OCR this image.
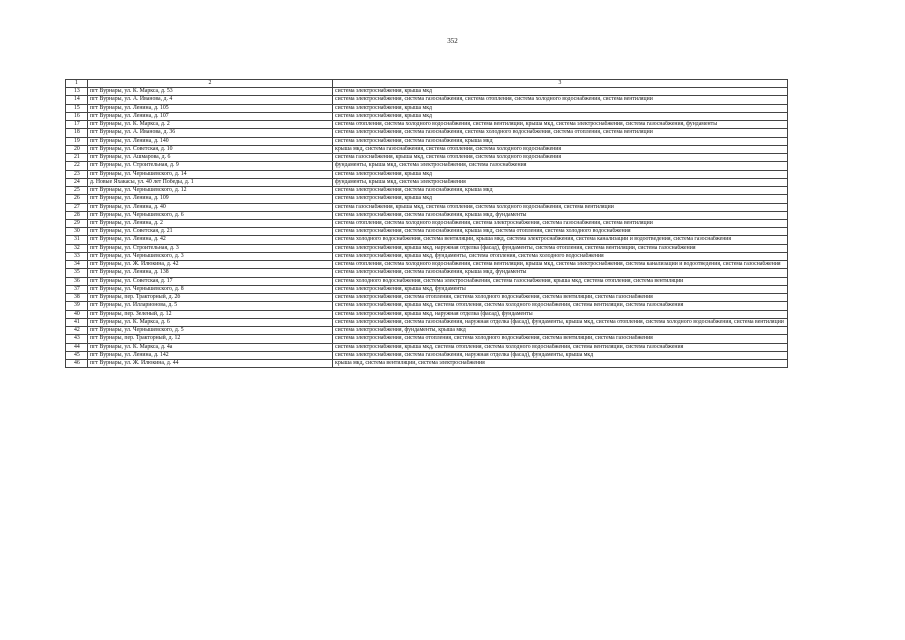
352
1	2	3
13	пгт Вурнары, ул. К. Маркса, д. 53	система электроснабжения, крыша мкд
14	пгт Вурнары, ул. А. Иванова, д. 4	система электроснабжения, система газоснабжения, система отопления, система холодного водоснабжения, система вентиляции
15	пгт Вурнары, ул. Ленина, д. 105	система электроснабжения, крыша мкд
16	пгт Вурнары, ул. Ленина, д. 107	система электроснабжения, крыша мкд
17	пгт Вурнары, ул. К. Маркса, д. 2	система отопления, система холодного водоснабжения, система вентиляции, крыша мкд, система электроснабжения, система газоснабжения, фундаменты
18	пгт Вурнары, ул. А. Иванова, д. 36	система электроснабжения, система газоснабжения, система холодного водоснабжения, система отопления, система вентиляции
19	пгт Вурнары, ул. Ленина, д. 140	система электроснабжения, система газоснабжения, крыша мкд
20	пгт Вурнары, ул. Советская, д. 10	крыша мкд, система газоснабжения, система отопления, система холодного водоснабжения
21	пгт Вурнары, ул. Ашмарова, д. 6	система газоснабжения, крыша мкд, система отопления, система холодного водоснабжения
22	пгт Вурнары, ул. Строительная, д. 9	фундаменты, крыша мкд, система электроснабжения, система газоснабжения
23	пгт Вурнары, ул. Чернышевского, д. 14	система электроснабжения, крыша мкд
24	д. Новые Яхакасы, ул. 40 лет Победы, д. 1	фундаменты, крыша мкд, система электроснабжения
25	пгт Вурнары, ул. Чернышевского, д. 12	система электроснабжения, система газоснабжения, крыша мкд
26	пгт Вурнары, ул. Ленина, д. 109	система электроснабжения, крыша мкд
27	пгт Вурнары, ул. Ленина, д. 40	система газоснабжения, крыша мкд, система отопления, система холодного водоснабжения, система вентиляции
28	пгт Вурнары, ул. Чернышевского, д. 6	система электроснабжения, система газоснабжения, крыша мкд, фундаменты
29	пгт Вурнары, ул. Ленина, д. 2	система отопления, система холодного водоснабжения, система электроснабжения, система газоснабжения, система вентиляции
30	пгт Вурнары, ул. Советская, д. 21	система электроснабжения, система газоснабжения, крыша мкд, система отопления, система холодного водоснабжения
31	пгт Вурнары, ул. Ленина, д. 42	система холодного водоснабжения, система вентиляции, крыша мкд, система электроснабжения, система канализации и водоотведения, система газоснабжения
32	пгт Вурнары, ул. Строительная, д. 3	система электроснабжения, крыша мкд, наружная отделка (фасад), фундаменты, система отопления, система вентиляции, система газоснабжения
33	пгт Вурнары, ул. Чернышевского, д. 3	система электроснабжения, крыша мкд, фундаменты, система отопления, система холодного водоснабжения
34	пгт Вурнары, ул. Ж. Илюкина, д. 42	система отопления, система холодного водоснабжения, система вентиляции, крыша мкд, система электроснабжения, система канализации и водоотведения, система газоснабжения
35	пгт Вурнары, ул. Ленина, д. 138	система электроснабжения, система газоснабжения, крыша мкд, фундаменты
36	пгт Вурнары, ул. Советская, д. 17	система холодного водоснабжения, система электроснабжения, система газоснабжения, крыша мкд, система отопления, система вентиляции
37	пгт Вурнары, ул. Чернышевского, д. 8	система электроснабжения, крыша мкд, фундаменты
38	пгт Вурнары, пер. Тракторный, д. 2б	система электроснабжения, система отопления, система холодного водоснабжения, система вентиляции, система газоснабжения
39	пгт Вурнары, ул. Илларионова, д. 5	система электроснабжения, крыша мкд, система отопления, система холодного водоснабжения, система вентиляции, система газоснабжения
40	пгт Вурнары, пер. Зеленый, д. 12	система электроснабжения, крыша мкд, наружная отделка (фасад), фундаменты
41	пгт Вурнары, ул. К. Маркса, д. 6	система электроснабжения, система газоснабжения, наружная отделка (фасад), фундаменты, крыша мкд, система отопления, система холодного водоснабжения, система вентиляции
42	пгт Вурнары, ул. Чернышевского, д. 5	система электроснабжения, фундаменты, крыша мкд
43	пгт Вурнары, пер. Тракторный, д. 12	система электроснабжения, система отопления, система холодного водоснабжения, система вентиляции, система газоснабжения
44	пгт Вурнары, ул. К. Маркса, д. 4а	система электроснабжения, крыша мкд, система отопления, система холодного водоснабжения, система вентиляции, система газоснабжения
45	пгт Вурнары, ул. Ленина, д. 142	система электроснабжения, система газоснабжения, наружная отделка (фасад), фундаменты, крыша мкд
46	пгт Вурнары, ул. Ж. Илюкина, д. 44	крыша мкд, система вентиляции, система электроснабжения
